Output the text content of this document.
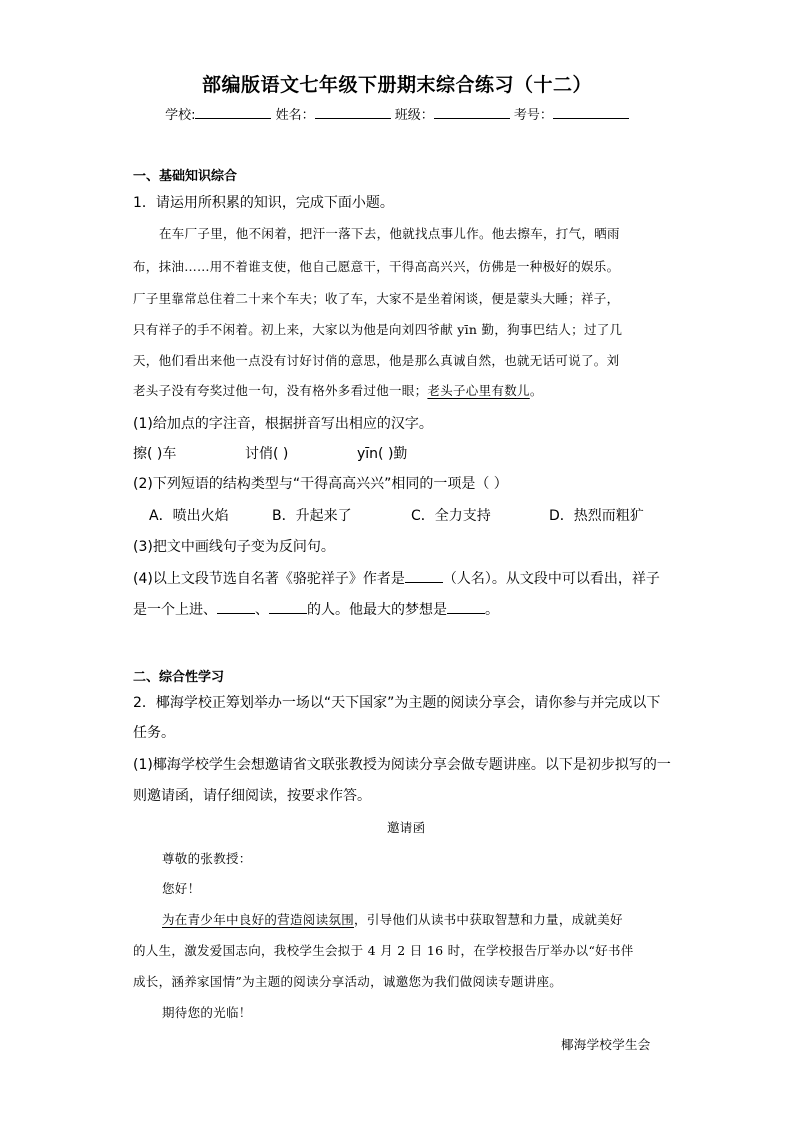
部编版语文七年级下册期末综合练习（十二）
学校:	姓名：	班级：	考号：
一、基础知识综合
1．请运用所积累的知识，完成下面小题。
在车厂子里，他不闲着，把汗一落下去，他就找点事儿作。他去擦车，打气，晒雨
布，抹油……用不着谁支使，他自己愿意干，干得高高兴兴，仿佛是一种极好的娱乐。
厂子里靠常总住着二十来个车夫；收了车，大家不是坐着闲谈，便是蒙头大睡；祥子，
只有祥子的手不闲着。初上来，大家以为他是向刘四爷献 yīn 勤，狗事巴结人；过了几
天，他们看出来他一点没有讨好讨俏的意思，他是那么真诚自然，也就无话可说了。刘
老头子没有夸奖过他一句，没有格外多看过他一眼；老头子心里有数儿。
(1)给加点的字注音，根据拼音写出相应的汉字。
擦( )车	讨俏( )	yīn( )勤
(2)下列短语的结构类型与“干得高高兴兴”相同的一项是（ ）
A．喷出火焰	B．升起来了	C．全力支持	D．热烈而粗犷
(3)把文中画线句子变为反问句。
(4)以上文段节选自名著《骆驼祥子》作者是	（人名）。从文段中可以看出，祥子
是一个上进、	、	的人。他最大的梦想是	。
二、综合性学习
2．椰海学校正筹划举办一场以“天下国家”为主题的阅读分享会，请你参与并完成以下
任务。
(1)椰海学校学生会想邀请省文联张教授为阅读分享会做专题讲座。以下是初步拟写的一
则邀请函，请仔细阅读，按要求作答。
邀请函
尊敬的张教授：
您好！
为在青少年中良好的营造阅读氛围，引导他们从读书中获取智慧和力量，成就美好
的人生，激发爱国志向，我校学生会拟于 4 月 2 日 16 时，在学校报告厅举办以“好书伴
成长，涵养家国情”为主题的阅读分享活动，诚邀您为我们做阅读专题讲座。
期待您的光临！
椰海学校学生会
